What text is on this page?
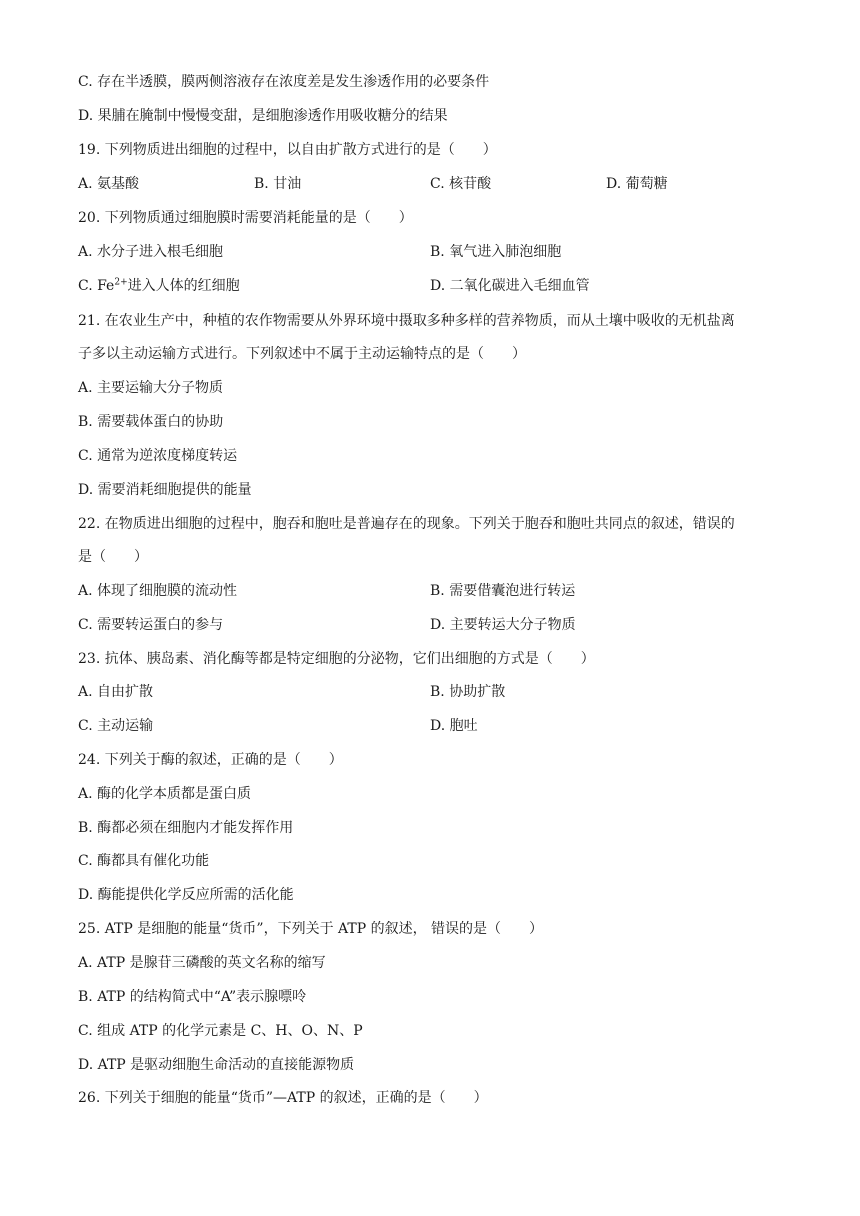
C. 存在半透膜，膜两侧溶液存在浓度差是发生渗透作用的必要条件
D. 果脯在腌制中慢慢变甜，是细胞渗透作用吸收糖分的结果
19. 下列物质进出细胞的过程中，以自由扩散方式进行的是（　　）
A. 氨基酸	B. 甘油	C. 核苷酸	D. 葡萄糖
20. 下列物质通过细胞膜时需要消耗能量的是（　　）
A. 水分子进入根毛细胞	B. 氧气进入肺泡细胞
C. $Fe^{2+}$进入人体的红细胞	D. 二氧化碳进入毛细血管
21. 在农业生产中，种植的农作物需要从外界环境中摄取多种多样的营养物质，而从土壤中吸收的无机盐离
子多以主动运输方式进行。下列叙述中不属于主动运输特点的是（　　）
A. 主要运输大分子物质
B. 需要载体蛋白的协助
C. 通常为逆浓度梯度转运
D. 需要消耗细胞提供的能量
22. 在物质进出细胞的过程中，胞吞和胞吐是普遍存在的现象。下列关于胞吞和胞吐共同点的叙述，错误的
是（　　）
A. 体现了细胞膜的流动性	B. 需要借囊泡进行转运
C. 需要转运蛋白的参与	D. 主要转运大分子物质
23. 抗体、胰岛素、消化酶等都是特定细胞的分泌物，它们出细胞的方式是（　　）
A. 自由扩散	B. 协助扩散
C. 主动运输	D. 胞吐
24. 下列关于酶的叙述，正确的是（　　）
A. 酶的化学本质都是蛋白质
B. 酶都必须在细胞内才能发挥作用
C. 酶都具有催化功能
D. 酶能提供化学反应所需的活化能
25. ATP 是细胞的能量“货币”，下列关于 ATP 的叙述， 错误的是（　　）
A. ATP 是腺苷三磷酸的英文名称的缩写
B. ATP 的结构简式中“A”表示腺嘌呤
C. 组成 ATP 的化学元素是 C、H、O、N、P
D. ATP 是驱动细胞生命活动的直接能源物质
26. 下列关于细胞的能量“货币”—ATP 的叙述，正确的是（　　）
